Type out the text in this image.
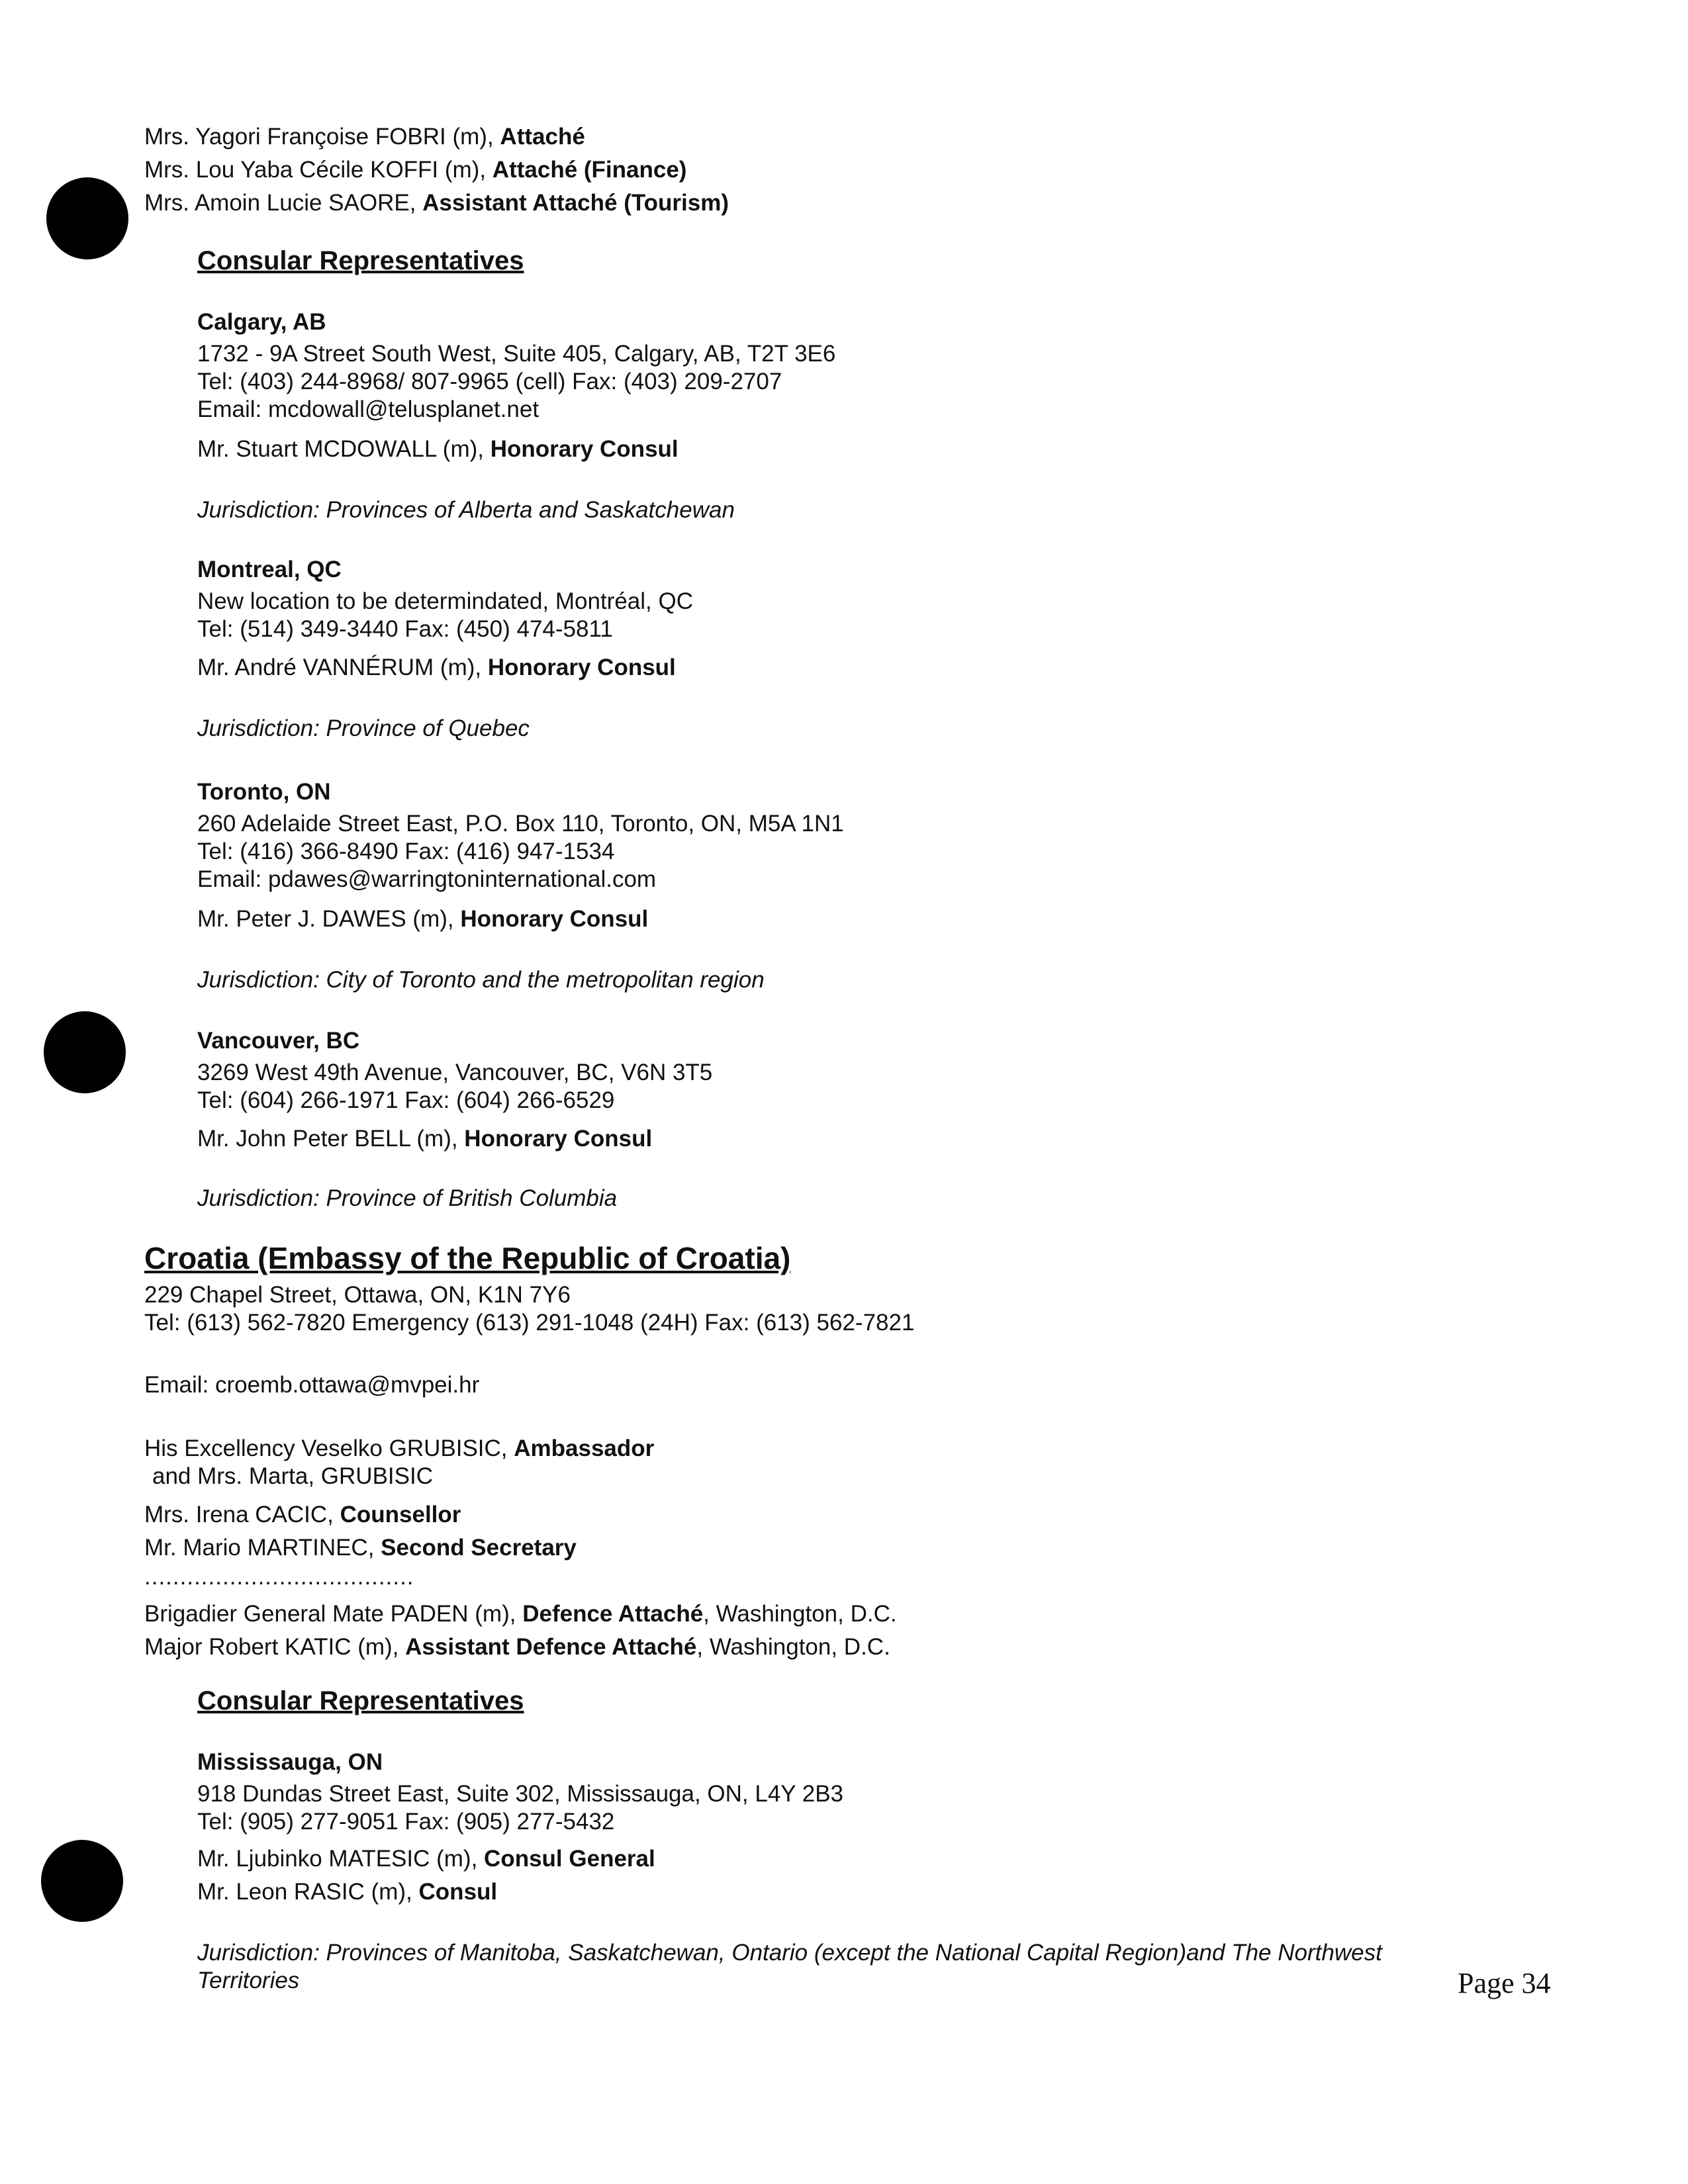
Mrs. Yagori Françoise FOBRI (m), Attaché
Mrs. Lou Yaba Cécile KOFFI (m), Attaché (Finance)
Mrs. Amoin Lucie SAORE, Assistant Attaché (Tourism)
Consular Representatives
Calgary, AB
1732 - 9A Street South West, Suite 405, Calgary, AB, T2T 3E6
Tel: (403) 244-8968/ 807-9965 (cell) Fax: (403) 209-2707
Email: mcdowall@telusplanet.net
Mr. Stuart MCDOWALL (m), Honorary Consul
Jurisdiction: Provinces of Alberta and Saskatchewan
Montreal, QC
New location to be determindated, Montréal, QC
Tel: (514) 349-3440 Fax: (450) 474-5811
Mr. André VANNÉRUM (m), Honorary Consul
Jurisdiction: Province of Quebec
Toronto, ON
260 Adelaide Street East, P.O. Box 110, Toronto, ON, M5A 1N1
Tel: (416) 366-8490 Fax: (416) 947-1534
Email: pdawes@warringtoninternational.com
Mr. Peter J. DAWES (m), Honorary Consul
Jurisdiction: City of Toronto and the metropolitan region
Vancouver, BC
3269 West 49th Avenue, Vancouver, BC, V6N 3T5
Tel: (604) 266-1971 Fax: (604) 266-6529
Mr. John Peter BELL (m), Honorary Consul
Jurisdiction: Province of British Columbia
Croatia (Embassy of the Republic of Croatia)
229 Chapel Street, Ottawa, ON, K1N 7Y6
Tel: (613) 562-7820 Emergency (613) 291-1048 (24H) Fax: (613) 562-7821
Email: croemb.ottawa@mvpei.hr
His Excellency Veselko GRUBISIC, Ambassador
and Mrs. Marta, GRUBISIC
Mrs. Irena CACIC, Counsellor
Mr. Mario MARTINEC, Second Secretary
......................................
Brigadier General Mate PADEN (m), Defence Attaché, Washington, D.C.
Major Robert KATIC (m), Assistant Defence Attaché, Washington, D.C.
Consular Representatives
Mississauga, ON
918 Dundas Street East, Suite 302, Mississauga, ON, L4Y 2B3
Tel: (905) 277-9051 Fax: (905) 277-5432
Mr. Ljubinko MATESIC (m), Consul General
Mr. Leon RASIC (m), Consul
Jurisdiction: Provinces of Manitoba, Saskatchewan, Ontario (except the National Capital Region)and The Northwest
Territories	Page 34
